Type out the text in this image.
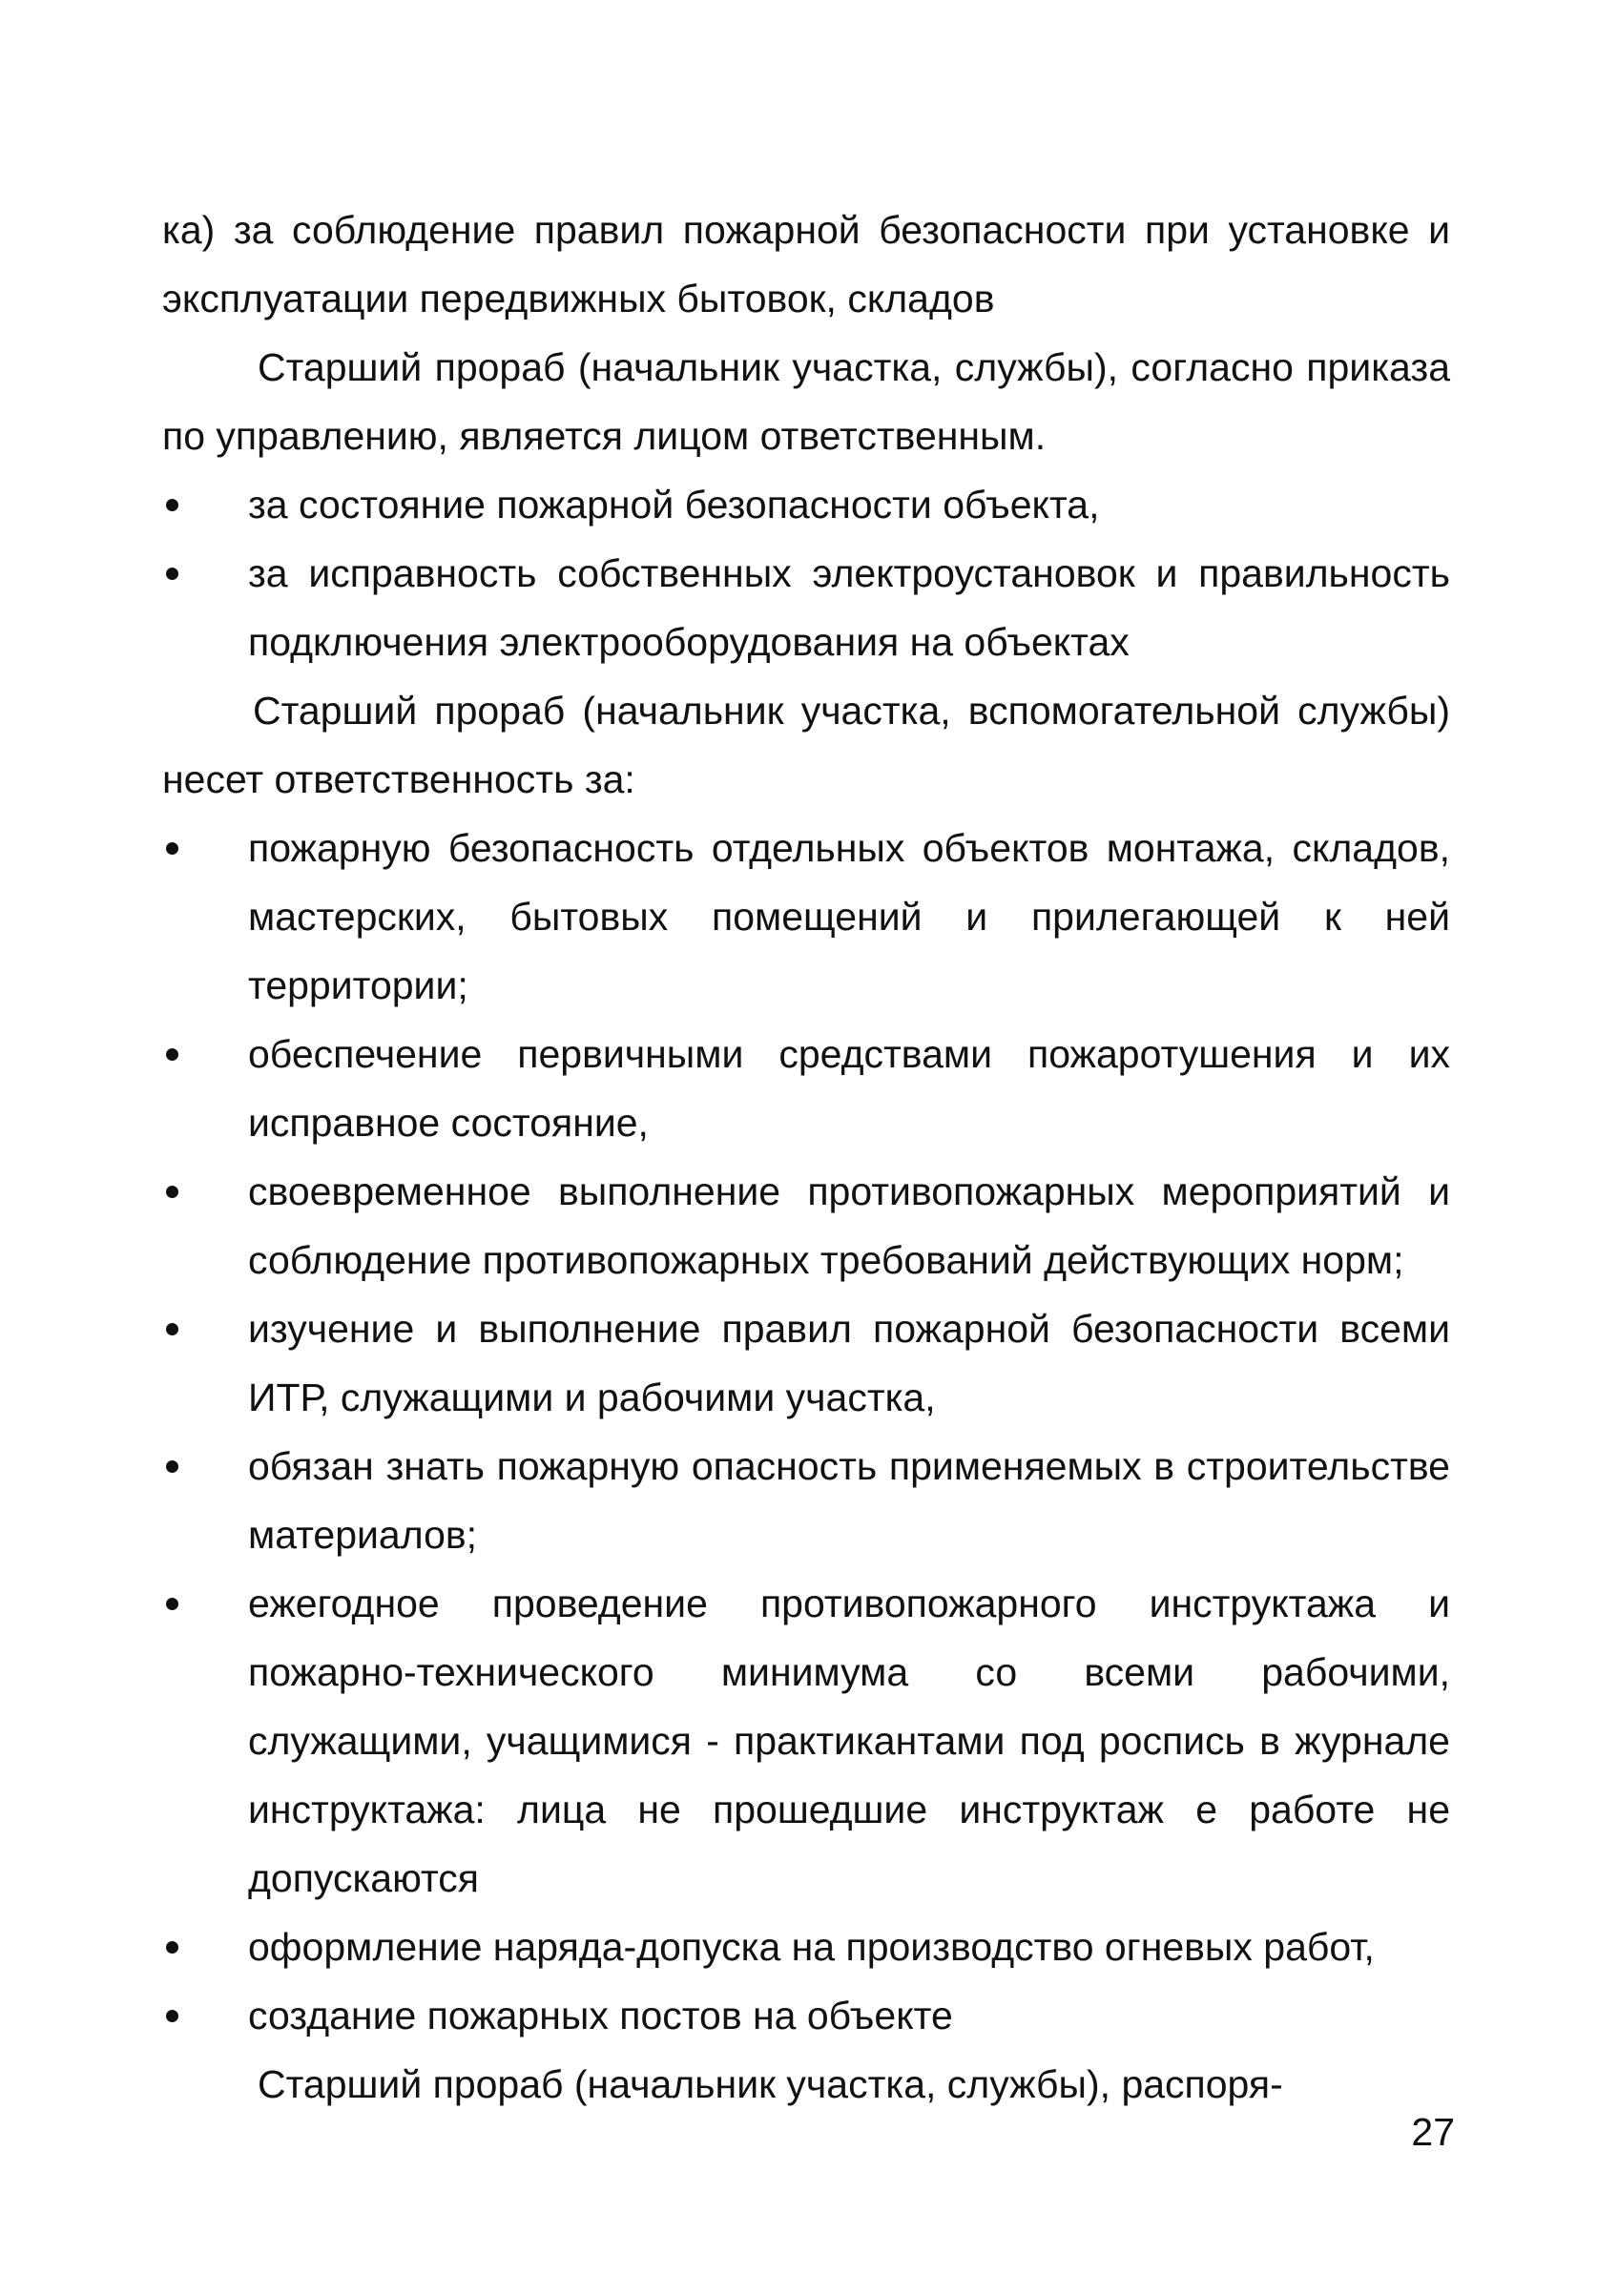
ка) за соблюдение правил пожарной безопасности при установке и эксплуатации передвижных бытовок, складов

Старший прораб (начальник участка, службы), согласно приказа по управлению, является лицом ответственным.

за состояние пожарной безопасности объекта,
за исправность собственных электроустановок и правильность подключения электрооборудования на объектах

Старший прораб (начальник участка, вспомогательной службы) несет ответственность за:

пожарную безопасность отдельных объектов монтажа, складов, мастерских, бытовых помещений и прилегающей к ней территории;
обеспечение первичными средствами пожаротушения и их исправное состояние,
своевременное выполнение противопожарных мероприятий и соблюдение противопожарных требований действующих норм;
изучение и выполнение правил пожарной безопасности всеми ИТР, служащими и рабочими участка,
обязан знать пожарную опасность применяемых в строительстве материалов;
ежегодное проведение противопожарного инструктажа и пожарно-технического минимума со всеми рабочими, служащими, учащимися - практикантами под роспись в журнале инструктажа: лица не прошедшие инструктаж е работе не допускаются
оформление наряда-допуска на производство огневых работ,
создание пожарных постов на объекте

Старший прораб (начальник участка, службы), распоря-

27
